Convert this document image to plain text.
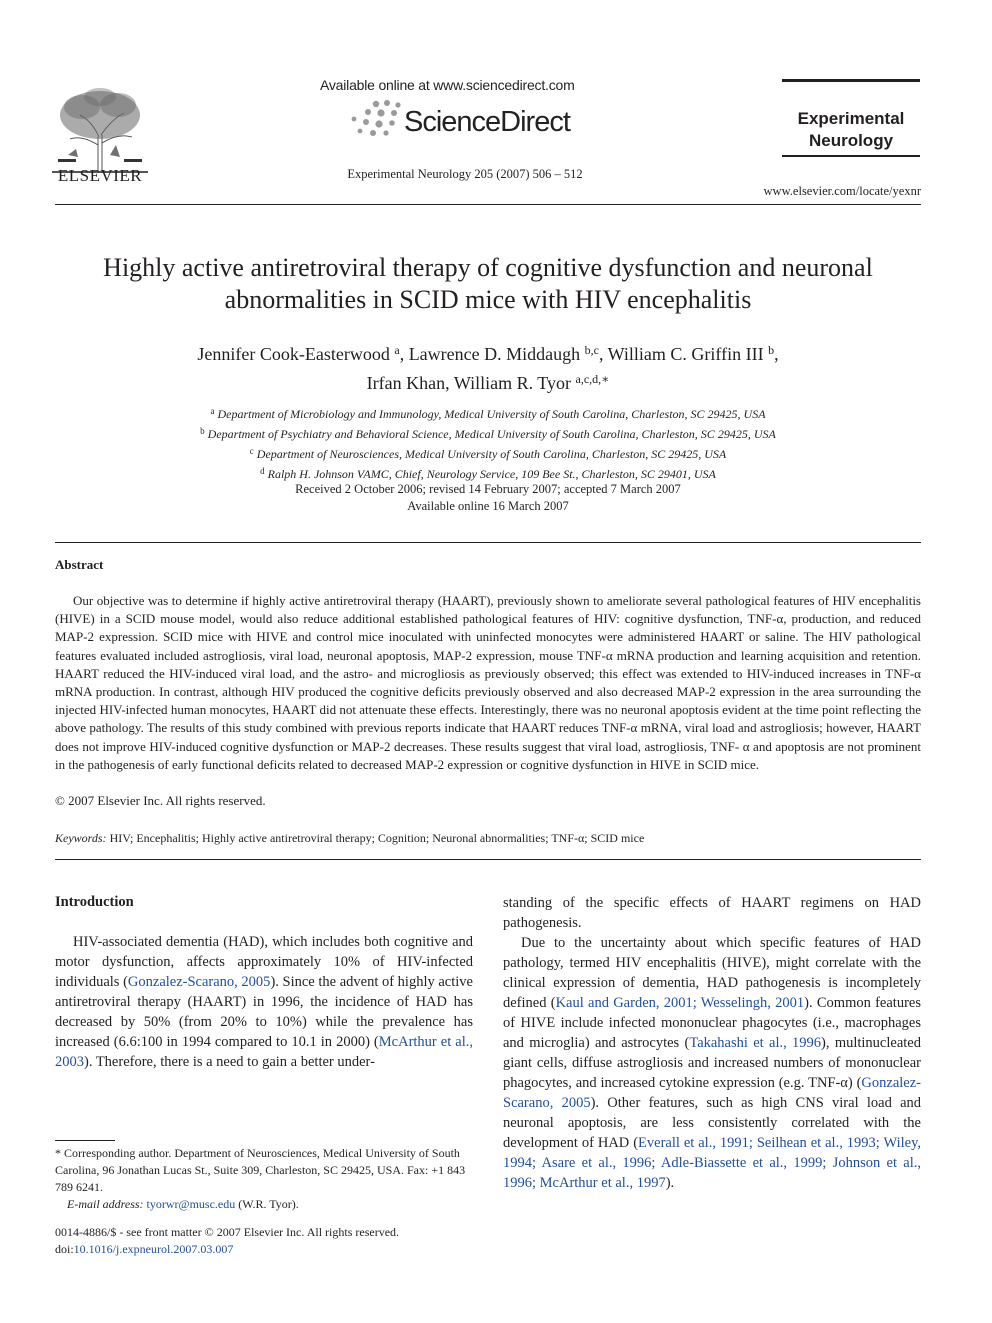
ELSEVIER
Available online at www.sciencedirect.com
ScienceDirect
Experimental Neurology 205 (2007) 506 – 512
Experimental
Neurology
www.elsevier.com/locate/yexnr
Highly active antiretroviral therapy of cognitive dysfunction and neuronal
abnormalities in SCID mice with HIV encephalitis
Jennifer Cook-Easterwood $^a$, Lawrence D. Middaugh $^{b,c}$, William C. Griffin III $^b$,
Irfan Khan, William R. Tyor $^{a,c,d,∗}$
$^a$ Department of Microbiology and Immunology, Medical University of South Carolina, Charleston, SC 29425, USA
$^b$ Department of Psychiatry and Behavioral Science, Medical University of South Carolina, Charleston, SC 29425, USA
$^c$ Department of Neurosciences, Medical University of South Carolina, Charleston, SC 29425, USA
$^d$ Ralph H. Johnson VAMC, Chief, Neurology Service, 109 Bee St., Charleston, SC 29401, USA
Received 2 October 2006; revised 14 February 2007; accepted 7 March 2007
Available online 16 March 2007
Abstract
Our objective was to determine if highly active antiretroviral therapy (HAART), previously shown to ameliorate several pathological features of HIV encephalitis (HIVE) in a SCID mouse model, would also reduce additional established pathological features of HIV: cognitive dysfunction, TNF-α, production, and reduced MAP-2 expression. SCID mice with HIVE and control mice inoculated with uninfected monocytes were administered HAART or saline. The HIV pathological features evaluated included astrogliosis, viral load, neuronal apoptosis, MAP-2 expression, mouse TNF-α mRNA production and learning acquisition and retention. HAART reduced the HIV-induced viral load, and the astro- and microgliosis as previously observed; this effect was extended to HIV-induced increases in TNF-α mRNA production. In contrast, although HIV produced the cognitive deficits previously observed and also decreased MAP-2 expression in the area surrounding the injected HIV-infected human monocytes, HAART did not attenuate these effects. Interestingly, there was no neuronal apoptosis evident at the time point reflecting the above pathology. The results of this study combined with previous reports indicate that HAART reduces TNF-α mRNA, viral load and astrogliosis; however, HAART does not improve HIV-induced cognitive dysfunction or MAP-2 decreases. These results suggest that viral load, astrogliosis, TNF- α and apoptosis are not prominent in the pathogenesis of early functional deficits related to decreased MAP-2 expression or cognitive dysfunction in HIVE in SCID mice.
© 2007 Elsevier Inc. All rights reserved.
Keywords: HIV; Encephalitis; Highly active antiretroviral therapy; Cognition; Neuronal abnormalities; TNF-α; SCID mice
Introduction
HIV-associated dementia (HAD), which includes both cognitive and motor dysfunction, affects approximately 10% of HIV-infected individuals (Gonzalez-Scarano, 2005). Since the advent of highly active antiretroviral therapy (HAART) in 1996, the incidence of HAD has decreased by 50% (from 20% to 10%) while the prevalence has increased (6.6:100 in 1994 compared to 10.1 in 2000) (McArthur et al., 2003). Therefore, there is a need to gain a better under-
standing of the specific effects of HAART regimens on HAD pathogenesis.
Due to the uncertainty about which specific features of HAD pathology, termed HIV encephalitis (HIVE), might correlate with the clinical expression of dementia, HAD pathogenesis is incompletely defined (Kaul and Garden, 2001; Wesselingh, 2001). Common features of HIVE include infected mononuclear phagocytes (i.e., macrophages and microglia) and astrocytes (Takahashi et al., 1996), multinucleated giant cells, diffuse astrogliosis and increased numbers of mononuclear phagocytes, and increased cytokine expression (e.g. TNF-α) (Gonzalez-Scarano, 2005). Other features, such as high CNS viral load and neuronal apoptosis, are less consistently correlated with the development of HAD (Everall et al., 1991; Seilhean et al., 1993; Wiley, 1994; Asare et al., 1996; Adle-Biassette et al., 1999; Johnson et al., 1996; McArthur et al., 1997).
* Corresponding author. Department of Neurosciences, Medical University of South Carolina, 96 Jonathan Lucas St., Suite 309, Charleston, SC 29425, USA. Fax: +1 843 789 6241.
E-mail address: tyorwr@musc.edu (W.R. Tyor).
0014-4886/$ - see front matter © 2007 Elsevier Inc. All rights reserved.
doi:10.1016/j.expneurol.2007.03.007
